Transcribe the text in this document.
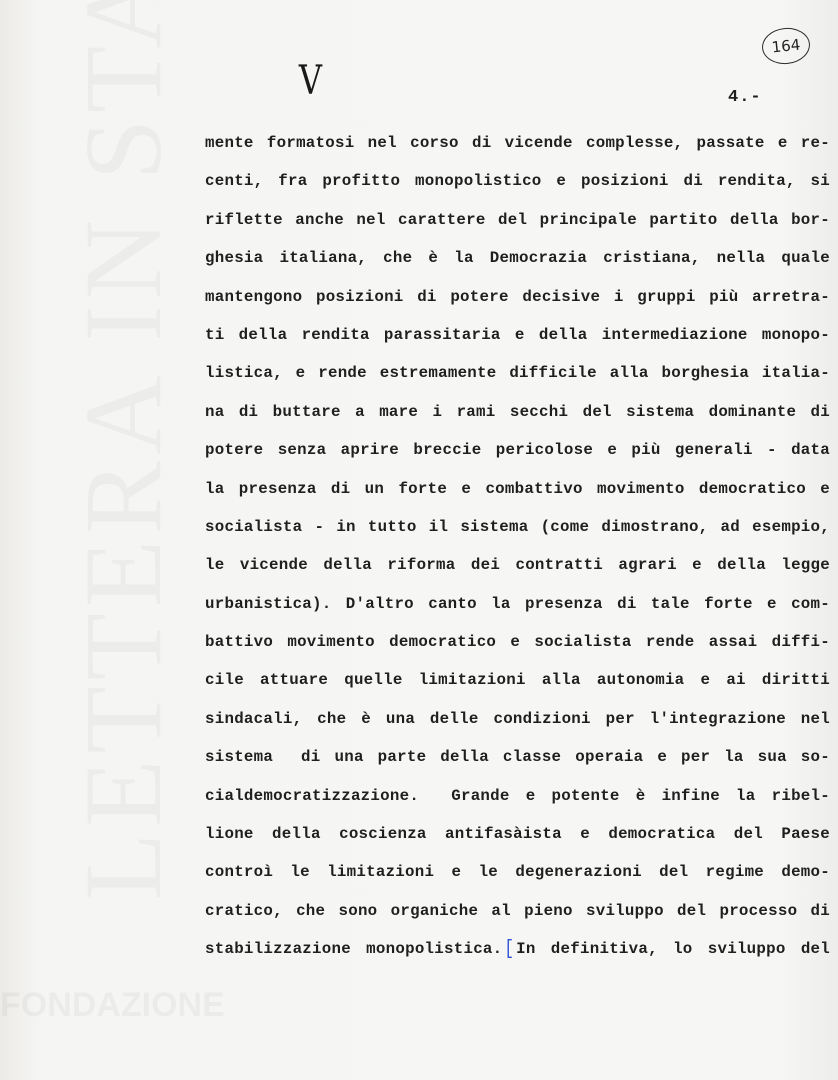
164
V	4.-
mente formatosi nel corso di vicende complesse, passate e re-
centi, fra profitto monopolistico e posizioni di rendita, si
riflette anche nel carattere del principale partito della bor-
ghesia italiana, che è la Democrazia cristiana, nella quale
mantengono posizioni di potere decisive i gruppi più arretra-
ti della rendita parassitaria e della intermediazione monopo-
listica, e rende estremamente difficile alla borghesia italia-
na di buttare a mare i rami secchi del sistema dominante di
potere senza aprire breccie pericolose e più generali - data
la presenza di un forte e combattivo movimento democratico e
socialista - in tutto il sistema (come dimostrano, ad esempio,
le vicende della riforma dei contratti agrari e della legge
urbanistica). D'altro canto la presenza di tale forte e com-
battivo movimento democratico e socialista rende assai diffi-
cile attuare quelle limitazioni alla autonomia e ai diritti
sindacali, che è una delle condizioni per l'integrazione nel
sistema  di una parte della classe operaia e per la sua so-
cialdemocratizzazione.  Grande e potente è infine la ribel-
lione della coscienza antifasàista e democratica del Paese
controì le limitazioni e le degenerazioni del regime demo-
cratico, che sono organiche al pieno sviluppo del processo di
stabilizzazione monopolistica. [ In definitiva, lo sviluppo del
